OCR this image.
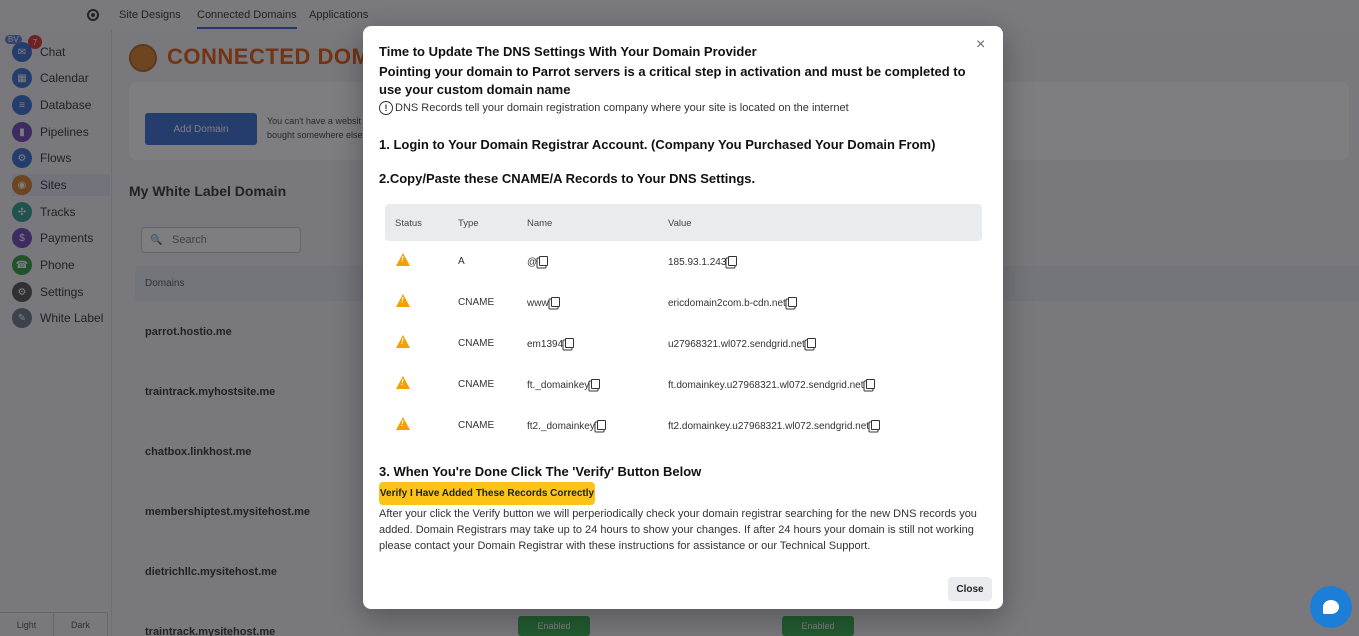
🔍
×
Time to Update The DNS Settings With Your Domain Provider
Pointing your domain to Parrot servers is a critical step in activation and must be completed to use your custom domain name
! DNS Records tell your domain registration company where your site is located on the internet
1. Login to Your Domain Registrar Account. (Company You Purchased Your Domain From)
2.Copy/Paste these CNAME/A Records to Your DNS Settings.
Status	Type	Name	Value
!
A	@	185.93.1.243
!
CNAME	www	ericdomain2com.b-cdn.net
!
CNAME	em1394	u27968321.wl072.sendgrid.net
!
CNAME	ft._domainkey	ft.domainkey.u27968321.wl072.sendgrid.net
!
CNAME	ft2._domainkey	ft2.domainkey.u27968321.wl072.sendgrid.net
3. When You're Done Click The 'Verify' Button Below
Verify I Have Added These Records Correctly
After your click the Verify button we will perperiodically check your domain registrar searching for the new DNS records you added. Domain Registrars may take up to 24 hours to show your changes. If after 24 hours your domain is still not working please contact your Domain Registrar with these instructions for assistance or our Technical Support.
Close
